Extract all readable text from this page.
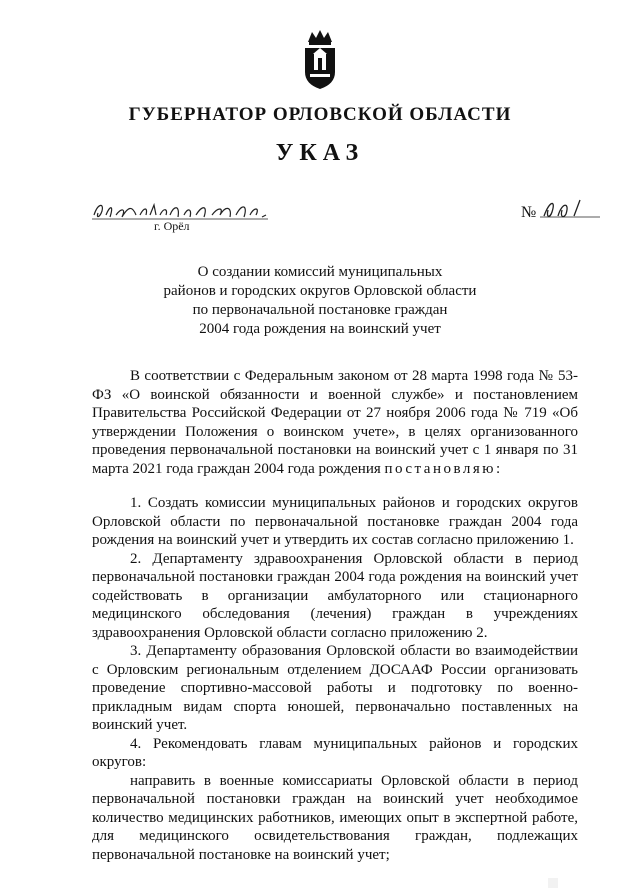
ГУБЕРНАТОР ОРЛОВСКОЙ ОБЛАСТИ
УКАЗ
г. Орёл
№
О создании комиссий муниципальных
районов и городских округов Орловской области
по первоначальной постановке граждан
2004 года рождения на воинский учет

В соответствии с Федеральным законом от 28 марта 1998 года № 53-ФЗ «О воинской обязанности и военной службе» и постановлением Правительства Российской Федерации от 27 ноября 2006 года № 719 «Об утверждении Положения о воинском учете», в целях организованного проведения первоначальной постановки на воинский учет с 1 января по 31 марта 2021 года граждан 2004 года рождения постановляю:

1. Создать комиссии муниципальных районов и городских округов Орловской области по первоначальной постановке граждан 2004 года рождения на воинский учет и утвердить их состав согласно приложению 1.

2. Департаменту здравоохранения Орловской области в период первоначальной постановки граждан 2004 года рождения на воинский учет содействовать в организации амбулаторного или стационарного медицинского обследования (лечения) граждан в учреждениях здравоохранения Орловской области согласно приложению 2.

3. Департаменту образования Орловской области во взаимодействии с Орловским региональным отделением ДОСААФ России организовать проведение спортивно-массовой работы и подготовку по военно-прикладным видам спорта юношей, первоначально поставленных на воинский учет.

4. Рекомендовать главам муниципальных районов и городских округов:

направить в военные комиссариаты Орловской области в период первоначальной постановки граждан на воинский учет необходимое количество медицинских работников, имеющих опыт в экспертной работе, для медицинского освидетельствования граждан, подлежащих первоначальной постановке на воинский учет;
